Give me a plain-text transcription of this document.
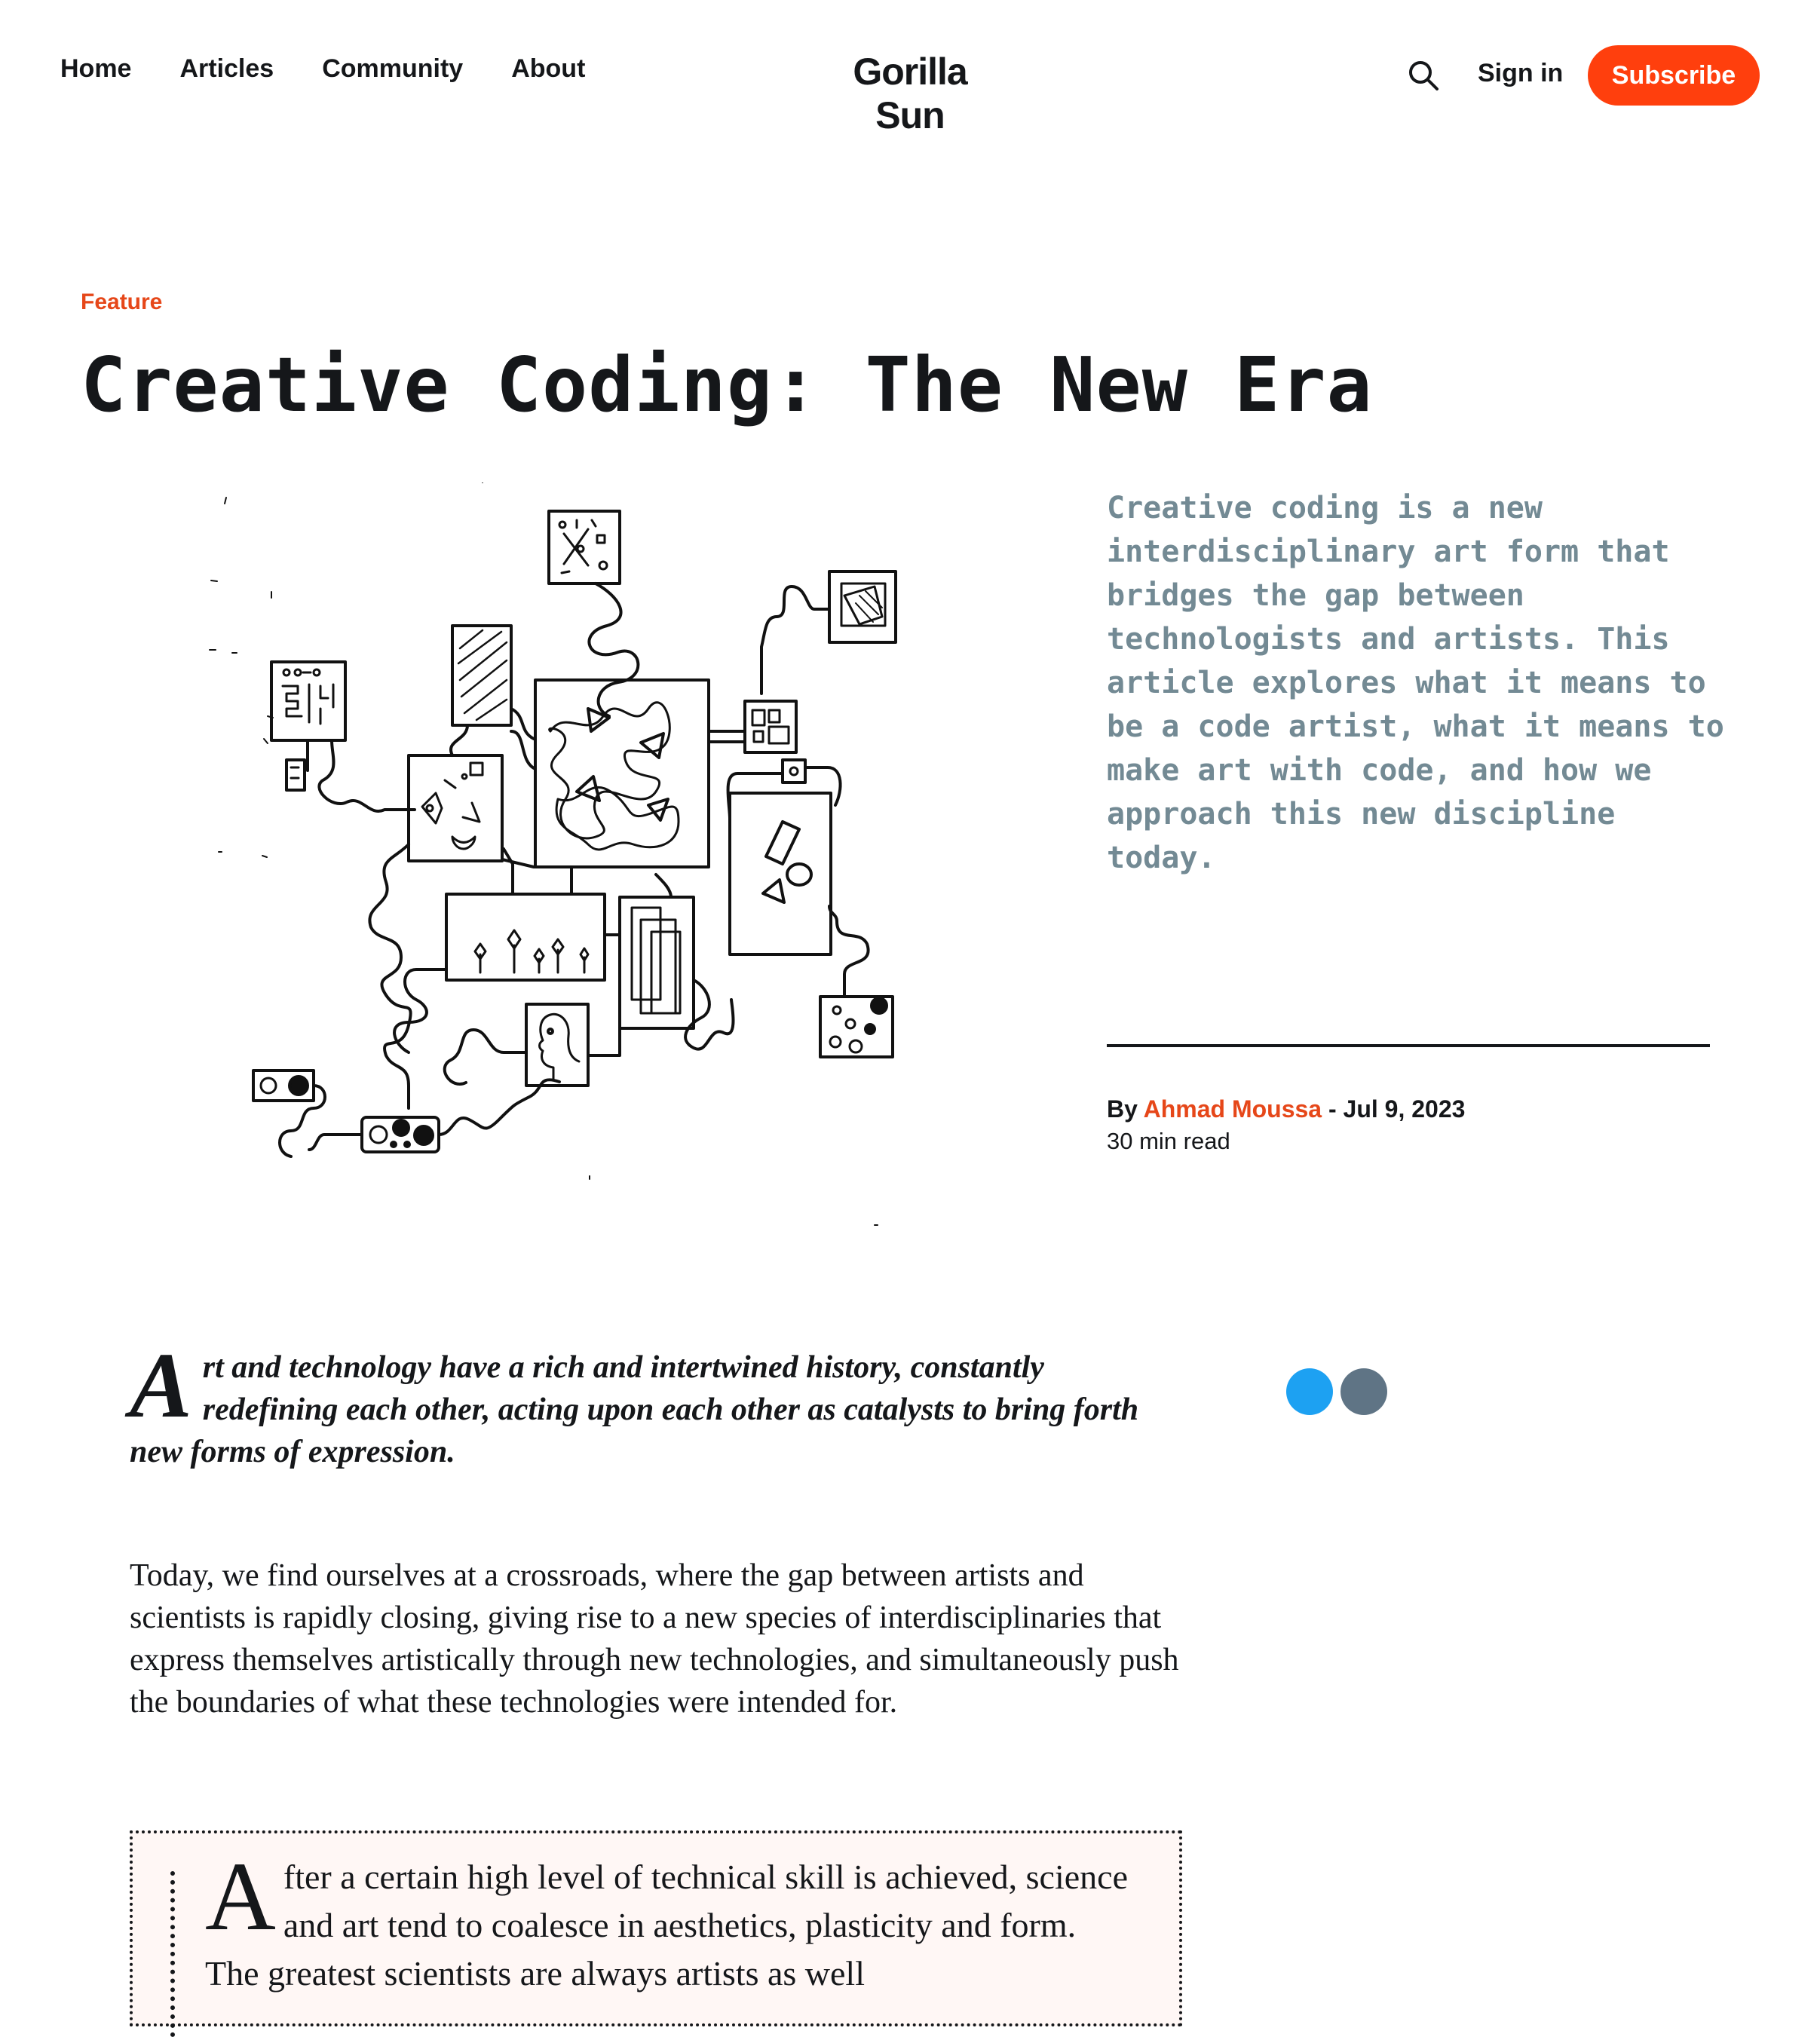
Home Articles Community About	Gorilla Sun
Sign in	Subscribe
Feature
Creative Coding: The New Era

Creative coding is a new interdisciplinary art form that bridges the gap between technologists and artists. This article explores what it means to be a code artist, what it means to make art with code, and how we approach this new discipline today.

By Ahmad Moussa - Jul 9, 2023
30 min read

Art and technology have a rich and intertwined history, constantly redefining each other, acting upon each other as catalysts to bring forth new forms of expression.

Today, we find ourselves at a crossroads, where the gap between artists and scientists is rapidly closing, giving rise to a new species of interdisciplinaries that express themselves artistically through new technologies, and simultaneously push the boundaries of what these technologies were intended for.

After a certain high level of technical skill is achieved, science and art tend to coalesce in aesthetics, plasticity and form. The greatest scientists are always artists as well
